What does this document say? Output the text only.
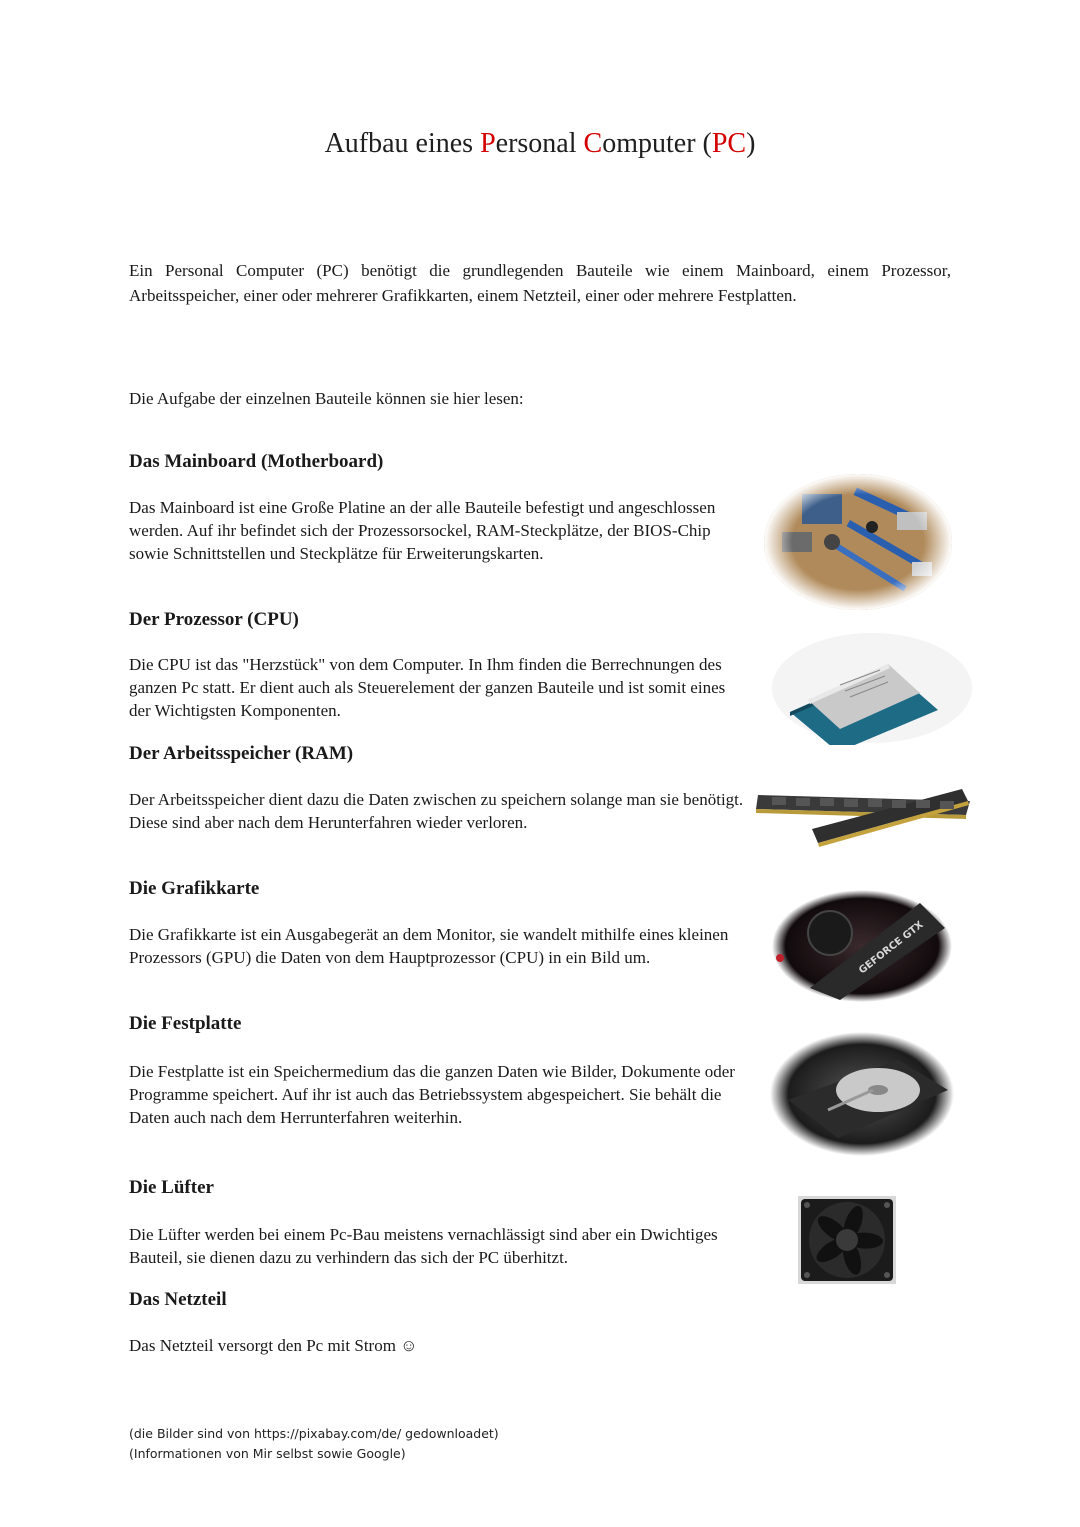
Aufbau eines Personal Computer (PC)

Ein Personal Computer (PC) benötigt die grundlegenden Bauteile wie einem Mainboard, einem Prozessor, Arbeitsspeicher, einer oder mehrerer Grafikkarten, einem Netzteil, einer oder mehrere Festplatten.

Die Aufgabe der einzelnen Bauteile können sie hier lesen:

Das Mainboard (Motherboard)

Das Mainboard ist eine Große Platine an der alle Bauteile befestigt und angeschlossen werden. Auf ihr befindet sich der Prozessorsockel, RAM-Steckplätze, der BIOS-Chip sowie Schnittstellen und Steckplätze für Erweiterungskarten.

Der Prozessor (CPU)

Die CPU ist das "Herzstück" von dem Computer. In Ihm finden die Berrechnungen des ganzen Pc statt. Er dient auch als Steuerelement der ganzen Bauteile und ist somit eines der Wichtigsten Komponenten.

Der Arbeitsspeicher (RAM)

Der Arbeitsspeicher dient dazu die Daten zwischen zu speichern solange man sie benötigt. Diese sind aber nach dem Herunterfahren wieder verloren.

Die Grafikkarte

Die Grafikkarte ist ein Ausgabegerät an dem Monitor, sie wandelt mithilfe eines kleinen Prozessors (GPU) die Daten von dem Hauptprozessor (CPU) in ein Bild um.	GEFORCE GTX
Die Festplatte

Die Festplatte ist ein Speichermedium das die ganzen Daten wie Bilder, Dokumente oder Programme speichert. Auf ihr ist auch das Betriebssystem abgespeichert. Sie behält die Daten auch nach dem Herrunterfahren weiterhin.

Die Lüfter

Die Lüfter werden bei einem Pc-Bau meistens vernachlässigt sind aber ein Dwichtiges Bauteil, sie dienen dazu zu verhindern das sich der PC überhitzt.

Das Netzteil

Das Netzteil versorgt den Pc mit Strom ☺

(die Bilder sind von https://pixabay.com/de/ gedownloadet)
(Informationen von Mir selbst sowie Google)
